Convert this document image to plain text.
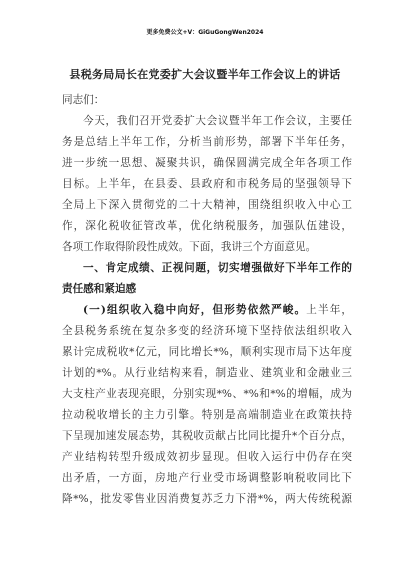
更多免费公文+V：GiGuGongWen2024
县税务局局长在党委扩大会议暨半年工作会议上的讲话
同志们：
今天，我们召开党委扩大会议暨半年工作会议，主要任
务是总结上半年工作，分析当前形势，部署下半年任务，
进一步统一思想、凝聚共识，确保圆满完成全年各项工作
目标。上半年，在县委、县政府和市税务局的坚强领导下
全局上下深入贯彻党的二十大精神，围绕组织收入中心工
作，深化税收征管改革，优化纳税服务，加强队伍建设，
各项工作取得阶段性成效。下面，我讲三个方面意见。
一、肯定成绩、正视问题，切实增强做好下半年工作的
责任感和紧迫感
(一)组织收入稳中向好，但形势依然严峻。上半年，
全县税务系统在复杂多变的经济环境下坚持依法组织收入
累计完成税收*亿元，同比增长*%，顺利实现市局下达年度
计划的*%。从行业结构来看，制造业、建筑业和金融业三
大支柱产业表现亮眼，分别实现*%、*%和*%的增幅，成为
拉动税收增长的主力引擎。特别是高端制造业在政策扶持
下呈现加速发展态势，其税收贡献占比同比提升*个百分点，
产业结构转型升级成效初步显现。但收入运行中仍存在突
出矛盾，一方面，房地产行业受市场调整影响税收同比下
降*%，批发零售业因消费复苏乏力下滑*%，两大传统税源
